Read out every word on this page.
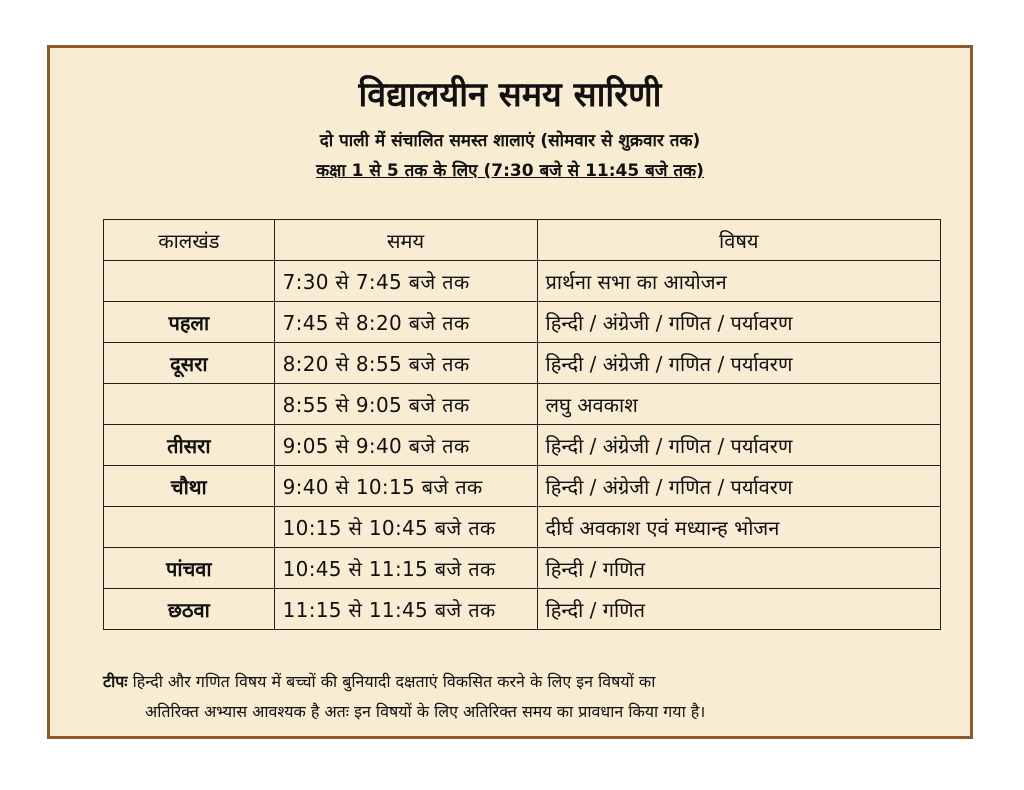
विद्यालयीन समय सारिणी
दो पाली में संचालित समस्त शालाएं (सोमवार से शुक्रवार तक)
कक्षा 1 से 5 तक के लिए (7:30 बजे से 11:45 बजे तक)
कालखंड	समय	विषय
	7:30 से 7:45 बजे तक	प्रार्थना सभा का आयोजन
पहला	7:45 से 8:20 बजे तक	हिन्दी / अंग्रेजी / गणित / पर्यावरण
दूसरा	8:20 से 8:55 बजे तक	हिन्दी / अंग्रेजी / गणित / पर्यावरण
	8:55 से 9:05 बजे तक	लघु अवकाश
तीसरा	9:05 से 9:40 बजे तक	हिन्दी / अंग्रेजी / गणित / पर्यावरण
चौथा	9:40 से 10:15 बजे तक	हिन्दी / अंग्रेजी / गणित / पर्यावरण
	10:15 से 10:45 बजे तक	दीर्घ अवकाश एवं मध्यान्ह भोजन
पांचवा	10:45 से 11:15 बजे तक	हिन्दी / गणित
छठवा	11:15 से 11:45 बजे तक	हिन्दी / गणित
टीपः हिन्दी और गणित विषय में बच्चों की बुनियादी दक्षताएं विकसित करने के लिए इन विषयों का
अतिरिक्त अभ्यास आवश्यक है अतः इन विषयों के लिए अतिरिक्त समय का प्रावधान किया गया है।
